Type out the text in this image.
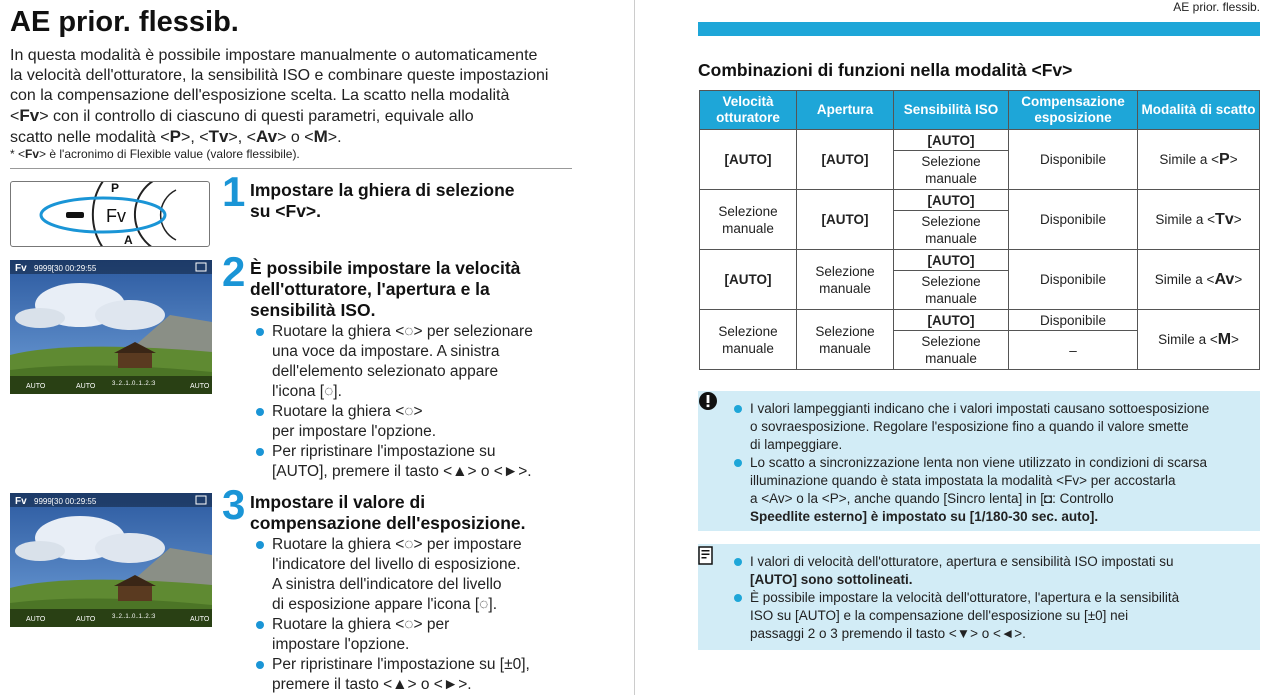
AE prior. flessib.
In questa modalità è possibile impostare manualmente o automaticamente
la velocità dell'otturatore, la sensibilità ISO e combinare queste impostazioni
con la compensazione dell'esposizione scelta. La scatto nella modalità
<Fv> con il controllo di ciascuno di questi parametri, equivale allo
scatto nelle modalità <P>, <Tv>, <Av> o <M>.
* <Fv> è l'acronimo di Flexible value (valore flessibile).
Fv
P
A
1 Impostare la ghiera di selezione
su <Fv>.
Fv 9999[30 00:29:55
AUTO	AUTO	3..2..1..0..1..2.:3	AUTO
2 È possibile impostare la velocità
dell'otturatore, l'apertura e la
sensibilità ISO.
Ruotare la ghiera <◌> per selezionare
una voce da impostare. A sinistra
dell'elemento selezionato appare
l'icona [◌].
Ruotare la ghiera <◌>
per impostare l'opzione.
Per ripristinare l'impostazione su
[AUTO], premere il tasto <▲> o <►>.
Fv 9999[30 00:29:55
AUTO	AUTO	3..2..1..0..1..2.:3	AUTO
3 Impostare il valore di
compensazione dell'esposizione.
Ruotare la ghiera <◌> per impostare
l'indicatore del livello di esposizione.
A sinistra dell'indicatore del livello
di esposizione appare l'icona [◌].
Ruotare la ghiera <◌> per
impostare l'opzione.
Per ripristinare l'impostazione su [±0],
premere il tasto <▲> o <►>.
AE prior. flessib.
Combinazioni di funzioni nella modalità <Fv>
Velocità otturatore	Apertura	Sensibilità ISO	Compensazione esposizione	Modalità di scatto
[AUTO]	[AUTO]	[AUTO]	Disponibile	Simile a <P>
		Selezione manuale		
Selezione manuale	[AUTO]	[AUTO]	Disponibile	Simile a <Tv>
		Selezione manuale		
[AUTO]	Selezione manuale	[AUTO]	Disponibile	Simile a <Av>
		Selezione manuale		
Selezione manuale	Selezione manuale	[AUTO]	Disponibile	Simile a <M>
		Selezione manuale	–	
I valori lampeggianti indicano che i valori impostati causano sottoesposizione
o sovraesposizione. Regolare l'esposizione fino a quando il valore smette
di lampeggiare.
Lo scatto a sincronizzazione lenta non viene utilizzato in condizioni di scarsa
illuminazione quando è stata impostata la modalità <Fv> per accostarla
a <Av> o la <P>, anche quando [Sincro lenta] in [◘: Controllo
Speedlite esterno] è impostato su [1/180-30 sec. auto].
I valori di velocità dell'otturatore, apertura e sensibilità ISO impostati su
[AUTO] sono sottolineati.
È possibile impostare la velocità dell'otturatore, l'apertura e la sensibilità
ISO su [AUTO] e la compensazione dell'esposizione su [±0] nei
passaggi 2 o 3 premendo il tasto <▼> o <◄>.
